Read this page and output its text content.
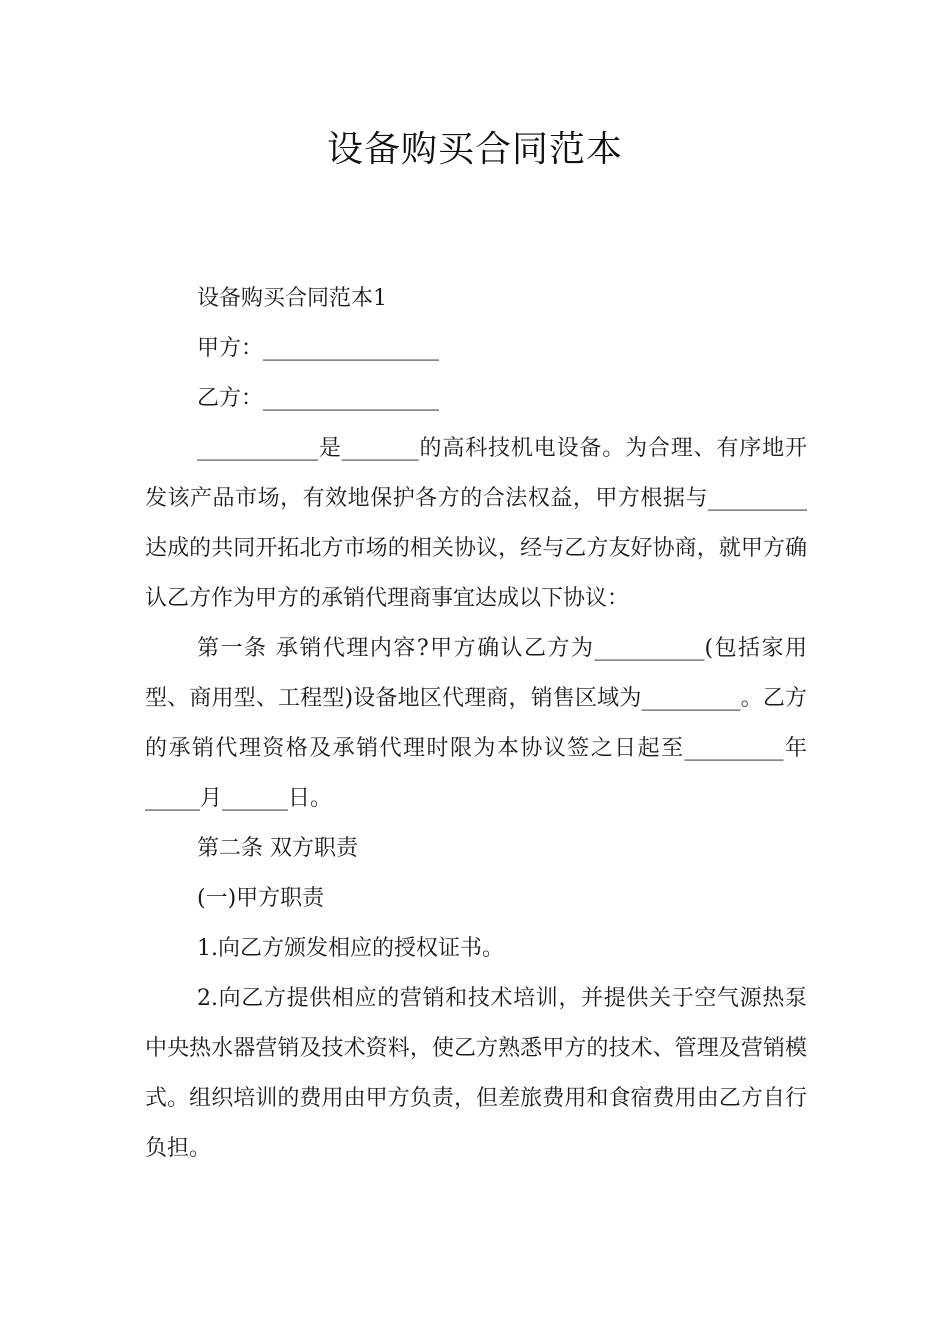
设备购买合同范本

设备购买合同范本1

甲方：________________

乙方：________________

___________是_______的高科技机电设备。为合理、有序地开发该产品市场，有效地保护各方的合法权益，甲方根据与_________达成的共同开拓北方市场的相关协议，经与乙方友好协商，就甲方确认乙方作为甲方的承销代理商事宜达成以下协议：

第一条 承销代理内容?甲方确认乙方为__________(包括家用型、商用型、工程型)设备地区代理商，销售区域为_________。乙方的承销代理资格及承销代理时限为本协议签之日起至_________年_____月______日。

第二条 双方职责

(一)甲方职责

1.向乙方颁发相应的授权证书。

2.向乙方提供相应的营销和技术培训，并提供关于空气源热泵中央热水器营销及技术资料，使乙方熟悉甲方的技术、管理及营销模式。组织培训的费用由甲方负责，但差旅费用和食宿费用由乙方自行负担。
